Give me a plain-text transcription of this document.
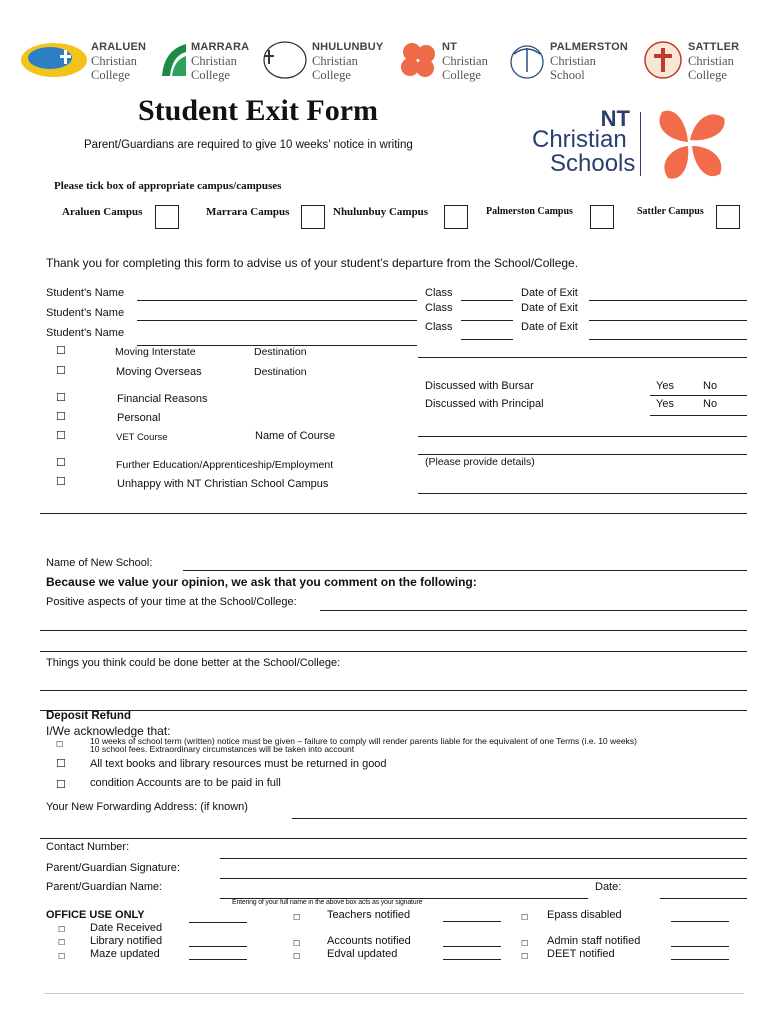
ARALUEN
Christian
College
MARRARA
Christian
College
NHULUNBUY
Christian
College
NT
Christian
College
PALMERSTON
Christian
School
SATTLER
Christian
College
Student Exit Form
Parent/Guardians are required to give 10 weeks’ notice in writing
NT
Christian
Schools
Please tick box of appropriate campus/campuses
Araluen Campus	Marrara Campus	Nhulunbuy Campus	Palmerston Campus	Sattler Campus
Thank you for completing this form to advise us of your student’s departure from the School/College.
Student’s Name
Student’s Name
Student’s Name
Class	Date of Exit
Class	Date of Exit
Class	Date of Exit
☐	Moving Interstate	Destination
☐	Moving Overseas	Destination
☐	Financial Reasons
☐	Personal
☐	VET Course	Name of Course
☐	Further Education/Apprenticeship/Employment
☐	Unhappy with NT Christian School Campus
Discussed with Bursar	Yes	No
Discussed with Principal	Yes	No
(Please provide details)
Name of New School:
Because we value your opinion, we ask that you comment on the following:
Positive aspects of your time at the School/College:
Things you think could be done better at the School/College:
Deposit Refund
I/We acknowledge that:
☐	10 weeks of school term (written) notice must be given – failure to comply will render parents liable for the equivalent of one Terms (i.e. 10 weeks)
10 school fees. Extraordinary circumstances will be taken into account
☐ All text books and library resources must be returned in good
☐ condition Accounts are to be paid in full
Your New Forwarding Address: (if known)
Contact Number:
Parent/Guardian Signature:
Parent/Guardian Name:	Date:
Entering of your full name in the above box acts as your signature
OFFICE USE ONLY
☐ Date Received
☐ Library notified
☐ Maze updated
☐ Teachers notified
☐ Accounts notified
☐ Edval updated
☐ Epass disabled
☐ Admin staff notified
☐ DEET notified
